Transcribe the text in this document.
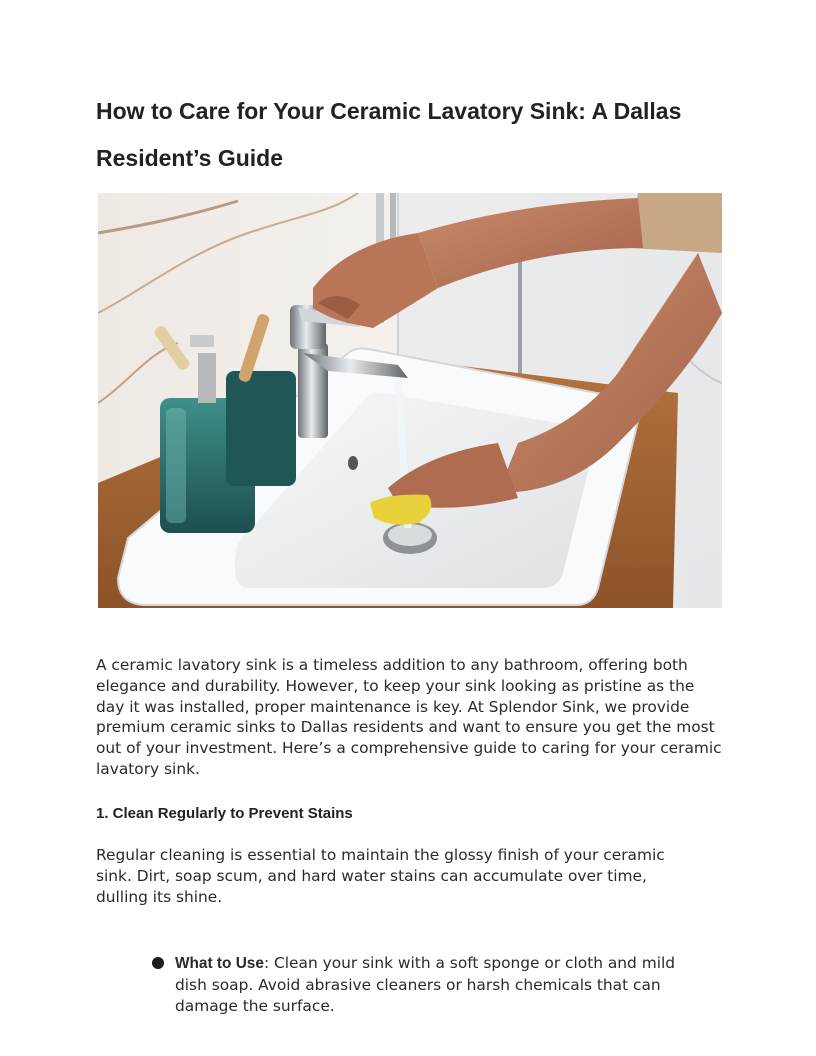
How to Care for Your Ceramic Lavatory Sink: A Dallas Resident’s Guide

A ceramic lavatory sink is a timeless addition to any bathroom, offering both elegance and durability. However, to keep your sink looking as pristine as the day it was installed, proper maintenance is key. At Splendor Sink, we provide premium ceramic sinks to Dallas residents and want to ensure you get the most out of your investment. Here’s a comprehensive guide to caring for your ceramic lavatory sink.

1. Clean Regularly to Prevent Stains

Regular cleaning is essential to maintain the glossy finish of your ceramic sink. Dirt, soap scum, and hard water stains can accumulate over time, dulling its shine.

What to Use: Clean your sink with a soft sponge or cloth and mild dish soap. Avoid abrasive cleaners or harsh chemicals that can damage the surface.
